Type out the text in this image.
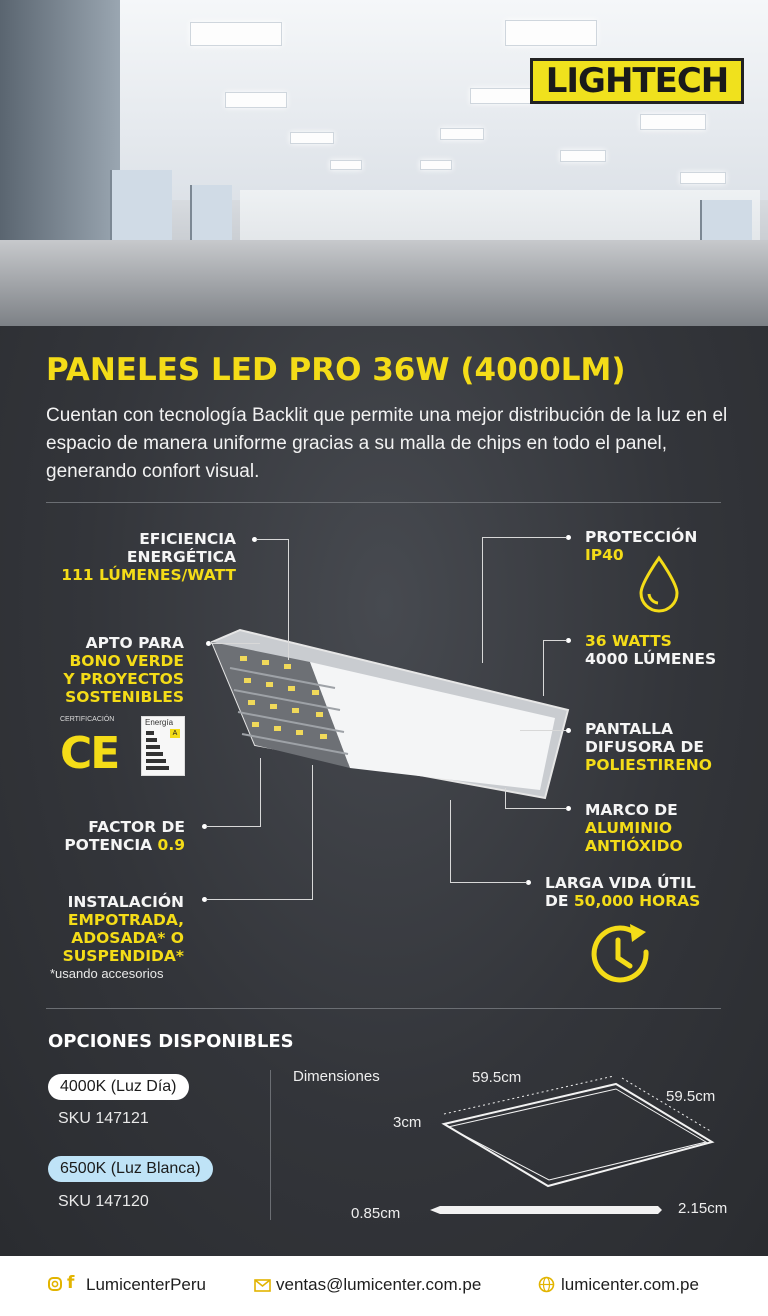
LIGHTECH
PANELES LED PRO 36W (4000LM)
Cuentan con tecnología Backlit que permite una mejor distribución de la luz en el espacio de manera uniforme gracias a su malla de chips en todo el panel, generando confort visual.
EFICIENCIA
ENERGÉTICA
111 LÚMENES/WATT
APTO PARA
BONO VERDE
Y PROYECTOS
SOSTENIBLES
CERTIFICACIÓN
CE
Energía
A
FACTOR DE
POTENCIA 0.9
INSTALACIÓN
EMPOTRADA,
ADOSADA* O
SUSPENDIDA*
*usando accesorios
PROTECCIÓN
IP40
36 WATTS
4000 LÚMENES
PANTALLA
DIFUSORA DE
POLIESTIRENO
MARCO DE
ALUMINIO
ANTIÓXIDO
LARGA VIDA ÚTIL
DE 50,000 HORAS
OPCIONES DISPONIBLES
4000K (Luz Día)
SKU 147121
6500K (Luz Blanca)
SKU 147120
Dimensiones	59.5cm
59.5cm
3cm
0.85cm	2.15cm
f LumicenterPeru	ventas@lumicenter.com.pe	lumicenter.com.pe
